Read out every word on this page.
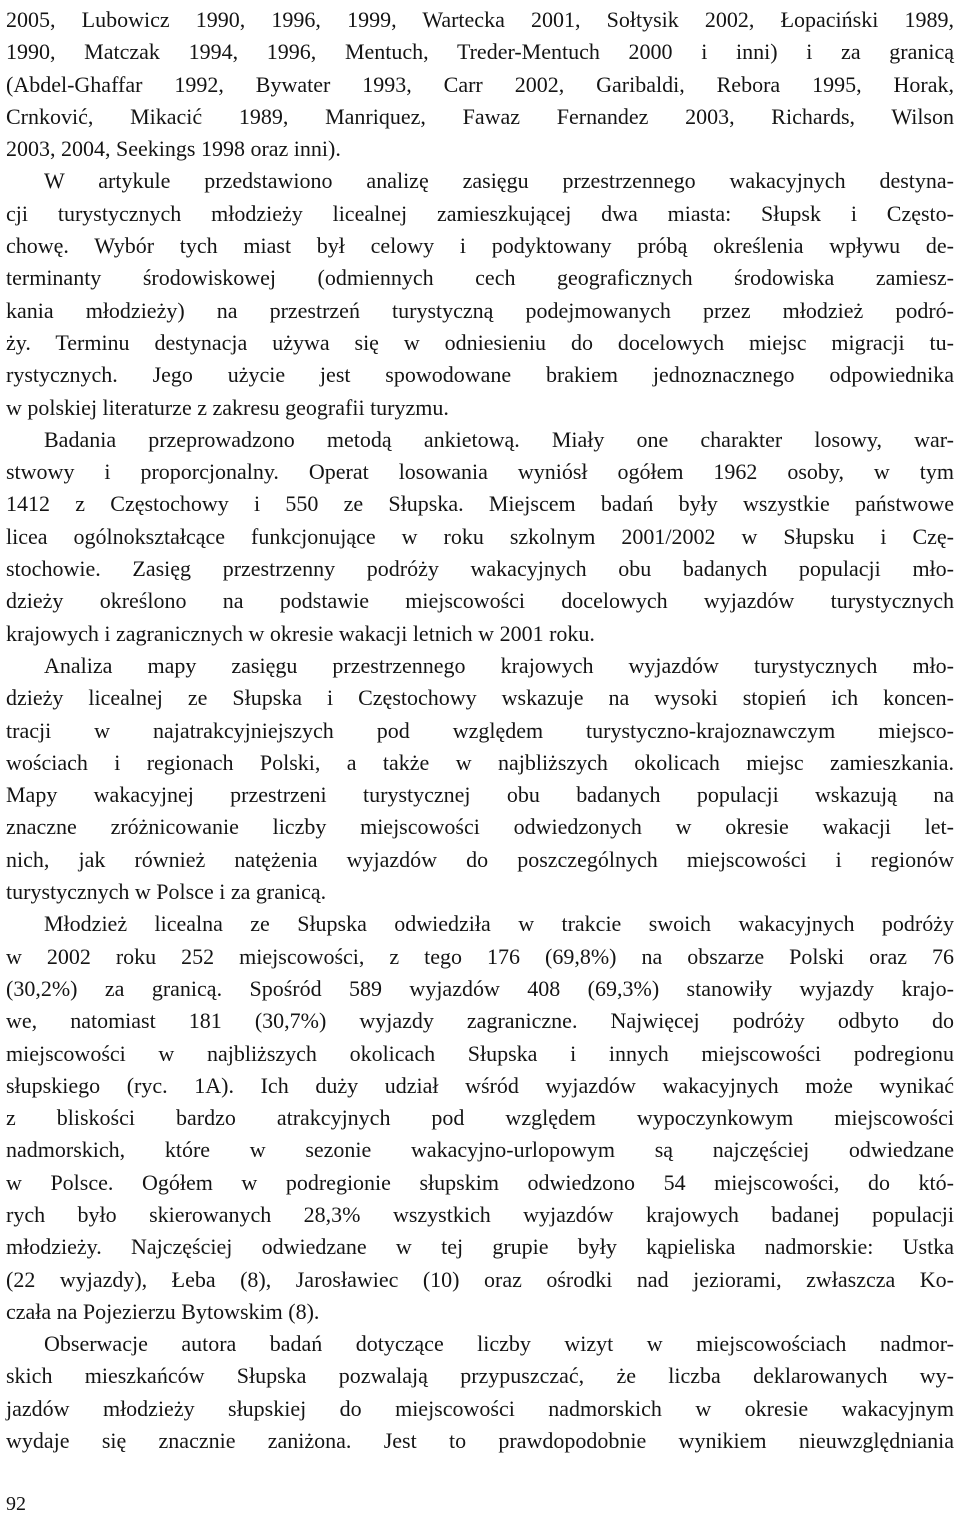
2005, Lubowicz 1990, 1996, 1999, Wartecka 2001, Sołtysik 2002, Łopaciński 1989,
1990, Matczak 1994, 1996, Mentuch, Treder-Mentuch 2000 i inni) i za granicą
(Abdel-Ghaffar 1992, Bywater 1993, Carr 2002, Garibaldi, Rebora 1995, Horak,
Crnković, Mikacić 1989, Manriquez, Fawaz Fernandez 2003, Richards, Wilson
2003, 2004, Seekings 1998 oraz inni).
W artykule przedstawiono analizę zasięgu przestrzennego wakacyjnych destyna-
cji turystycznych młodzieży licealnej zamieszkującej dwa miasta: Słupsk i Często-
chowę. Wybór tych miast był celowy i podyktowany próbą określenia wpływu de-
terminanty środowiskowej (odmiennych cech geograficznych środowiska zamiesz-
kania młodzieży) na przestrzeń turystyczną podejmowanych przez młodzież podró-
ży. Terminu destynacja używa się w odniesieniu do docelowych miejsc migracji tu-
rystycznych. Jego użycie jest spowodowane brakiem jednoznacznego odpowiednika
w polskiej literaturze z zakresu geografii turyzmu.
Badania przeprowadzono metodą ankietową. Miały one charakter losowy, war-
stwowy i proporcjonalny. Operat losowania wyniósł ogółem 1962 osoby, w tym
1412 z Częstochowy i 550 ze Słupska. Miejscem badań były wszystkie państwowe
licea ogólnokształcące funkcjonujące w roku szkolnym 2001/2002 w Słupsku i Czę-
stochowie. Zasięg przestrzenny podróży wakacyjnych obu badanych populacji mło-
dzieży określono na podstawie miejscowości docelowych wyjazdów turystycznych
krajowych i zagranicznych w okresie wakacji letnich w 2001 roku.
Analiza mapy zasięgu przestrzennego krajowych wyjazdów turystycznych mło-
dzieży licealnej ze Słupska i Częstochowy wskazuje na wysoki stopień ich koncen-
tracji w najatrakcyjniejszych pod względem turystyczno-krajoznawczym miejsco-
wościach i regionach Polski, a także w najbliższych okolicach miejsc zamieszkania.
Mapy wakacyjnej przestrzeni turystycznej obu badanych populacji wskazują na
znaczne zróżnicowanie liczby miejscowości odwiedzonych w okresie wakacji let-
nich, jak również natężenia wyjazdów do poszczególnych miejscowości i regionów
turystycznych w Polsce i za granicą.
Młodzież licealna ze Słupska odwiedziła w trakcie swoich wakacyjnych podróży
w 2002 roku 252 miejscowości, z tego 176 (69,8%) na obszarze Polski oraz 76
(30,2%) za granicą. Spośród 589 wyjazdów 408 (69,3%) stanowiły wyjazdy krajo-
we, natomiast 181 (30,7%) wyjazdy zagraniczne. Najwięcej podróży odbyto do
miejscowości w najbliższych okolicach Słupska i innych miejscowości podregionu
słupskiego (ryc. 1A). Ich duży udział wśród wyjazdów wakacyjnych może wynikać
z bliskości bardzo atrakcyjnych pod względem wypoczynkowym miejscowości
nadmorskich, które w sezonie wakacyjno-urlopowym są najczęściej odwiedzane
w Polsce. Ogółem w podregionie słupskim odwiedzono 54 miejscowości, do któ-
rych było skierowanych 28,3% wszystkich wyjazdów krajowych badanej populacji
młodzieży. Najczęściej odwiedzane w tej grupie były kąpieliska nadmorskie: Ustka
(22 wyjazdy), Łeba (8), Jarosławiec (10) oraz ośrodki nad jeziorami, zwłaszcza Ko-
czała na Pojezierzu Bytowskim (8).
Obserwacje autora badań dotyczące liczby wizyt w miejscowościach nadmor-
skich mieszkańców Słupska pozwalają przypuszczać, że liczba deklarowanych wy-
jazdów młodzieży słupskiej do miejscowości nadmorskich w okresie wakacyjnym
wydaje się znacznie zaniżona. Jest to prawdopodobnie wynikiem nieuwzględniania
92
